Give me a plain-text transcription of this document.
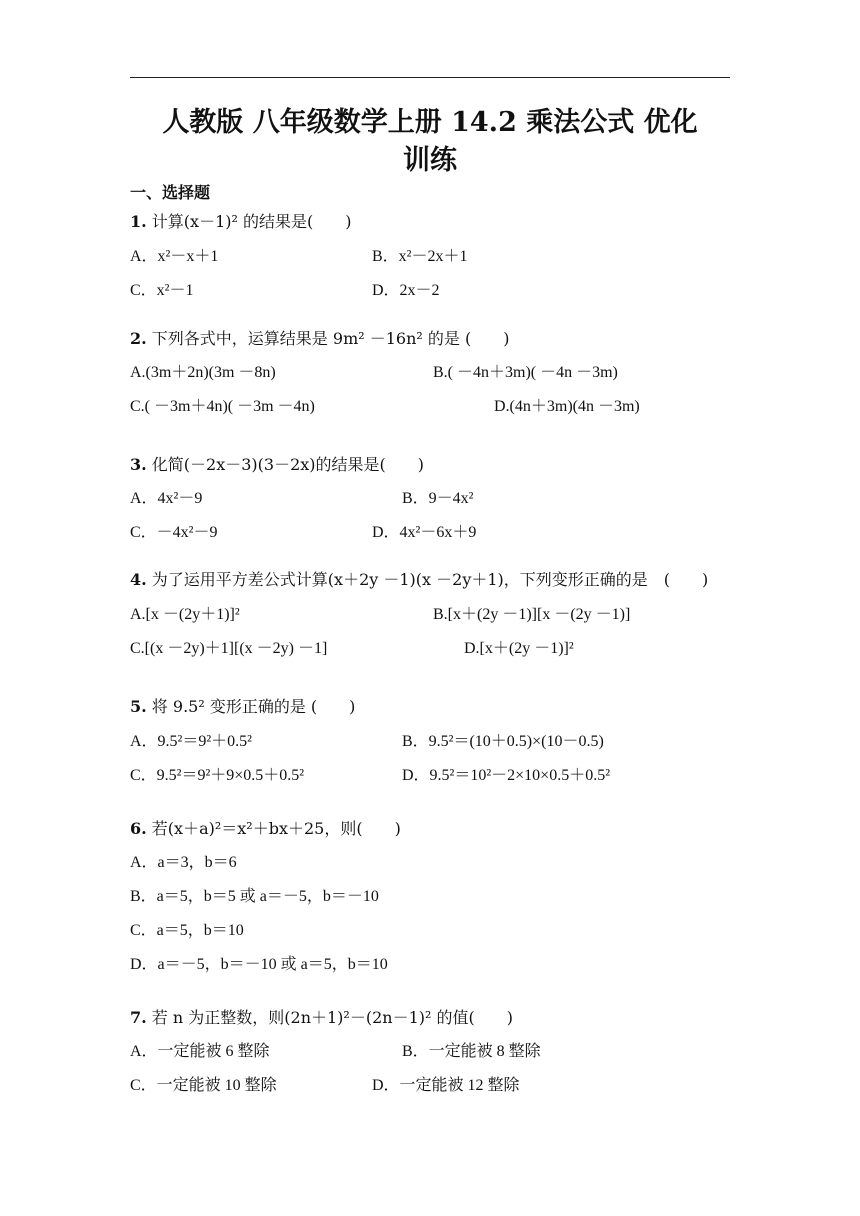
人教版 八年级数学上册 14.2 乘法公式 优化
训练
一、选择题
1. 计算(x－1)² 的结果是(　　)
A．x²－x＋1	B．x²－2x＋1
C．x²－1	D．2x－2
2. 下列各式中，运算结果是 9m² －16n² 的是 (　　)
A.(3m＋2n)(3m －8n)	B.( －4n＋3m)( －4n －3m)
C.( －3m＋4n)( －3m －4n)	D.(4n＋3m)(4n －3m)
3. 化简(－2x－3)(3－2x)的结果是(　　)
A．4x²－9	B．9－4x²
C．－4x²－9	D．4x²－6x＋9
4. 为了运用平方差公式计算(x＋2y －1)(x －2y＋1)，下列变形正确的是　(　　)
A.[x －(2y＋1)]²	B.[x＋(2y －1)][x －(2y －1)]
C.[(x －2y)＋1][(x －2y) －1]	D.[x＋(2y －1)]²
5. 将 9.5² 变形正确的是 (　　)
A．9.5²＝9²＋0.5²	B．9.5²＝(10＋0.5)×(10－0.5)
C．9.5²＝9²＋9×0.5＋0.5²	D．9.5²＝10²－2×10×0.5＋0.5²
6. 若(x＋a)²＝x²＋bx＋25，则(　　)
A．a＝3，b＝6
B．a＝5，b＝5 或 a＝－5，b＝－10
C．a＝5，b＝10
D．a＝－5，b＝－10 或 a＝5，b＝10
7. 若 n 为正整数，则(2n＋1)²－(2n－1)² 的值(　　)
A．一定能被 6 整除	B．一定能被 8 整除
C．一定能被 10 整除	D．一定能被 12 整除
